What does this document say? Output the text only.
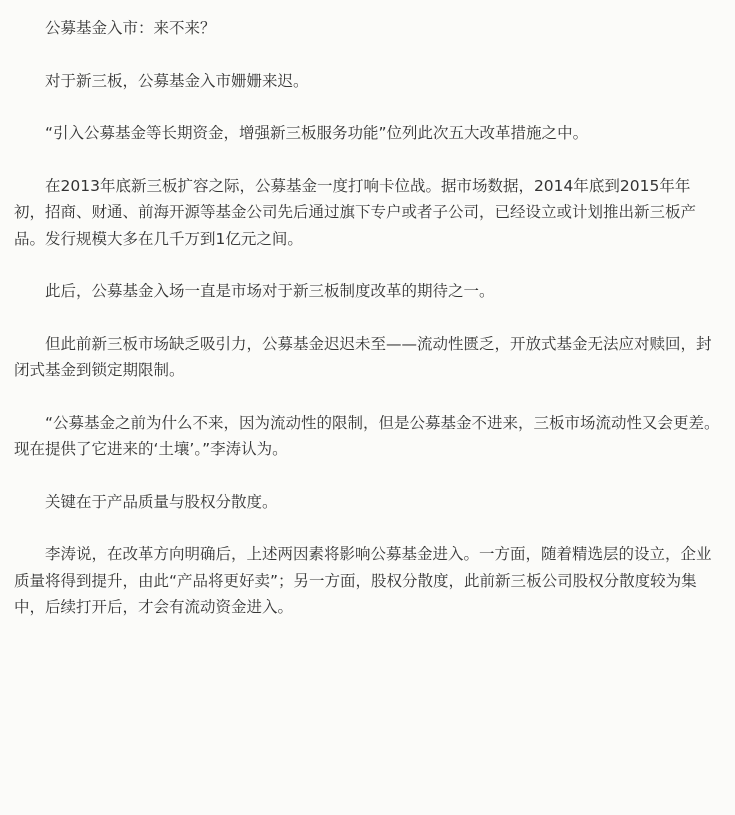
公募基金入市：来不来？

对于新三板，公募基金入市姗姗来迟。

“引入公募基金等长期资金，增强新三板服务功能”位列此次五大改革措施之中。

在2013年底新三板扩容之际，公募基金一度打响卡位战。据市场数据，2014年底到2015年年初，招商、财通、前海开源等基金公司先后通过旗下专户或者子公司，已经设立或计划推出新三板产品。发行规模大多在几千万到1亿元之间。

此后，公募基金入场一直是市场对于新三板制度改革的期待之一。

但此前新三板市场缺乏吸引力，公募基金迟迟未至——流动性匮乏，开放式基金无法应对赎回，封闭式基金到锁定期限制。

“公募基金之前为什么不来，因为流动性的限制，但是公募基金不进来，三板市场流动性又会更差。现在提供了它进来的‘土壤’。”李涛认为。

关键在于产品质量与股权分散度。

李涛说，在改革方向明确后，上述两因素将影响公募基金进入。一方面，随着精选层的设立，企业质量将得到提升，由此“产品将更好卖”；另一方面，股权分散度，此前新三板公司股权分散度较为集中，后续打开后，才会有流动资金进入。
